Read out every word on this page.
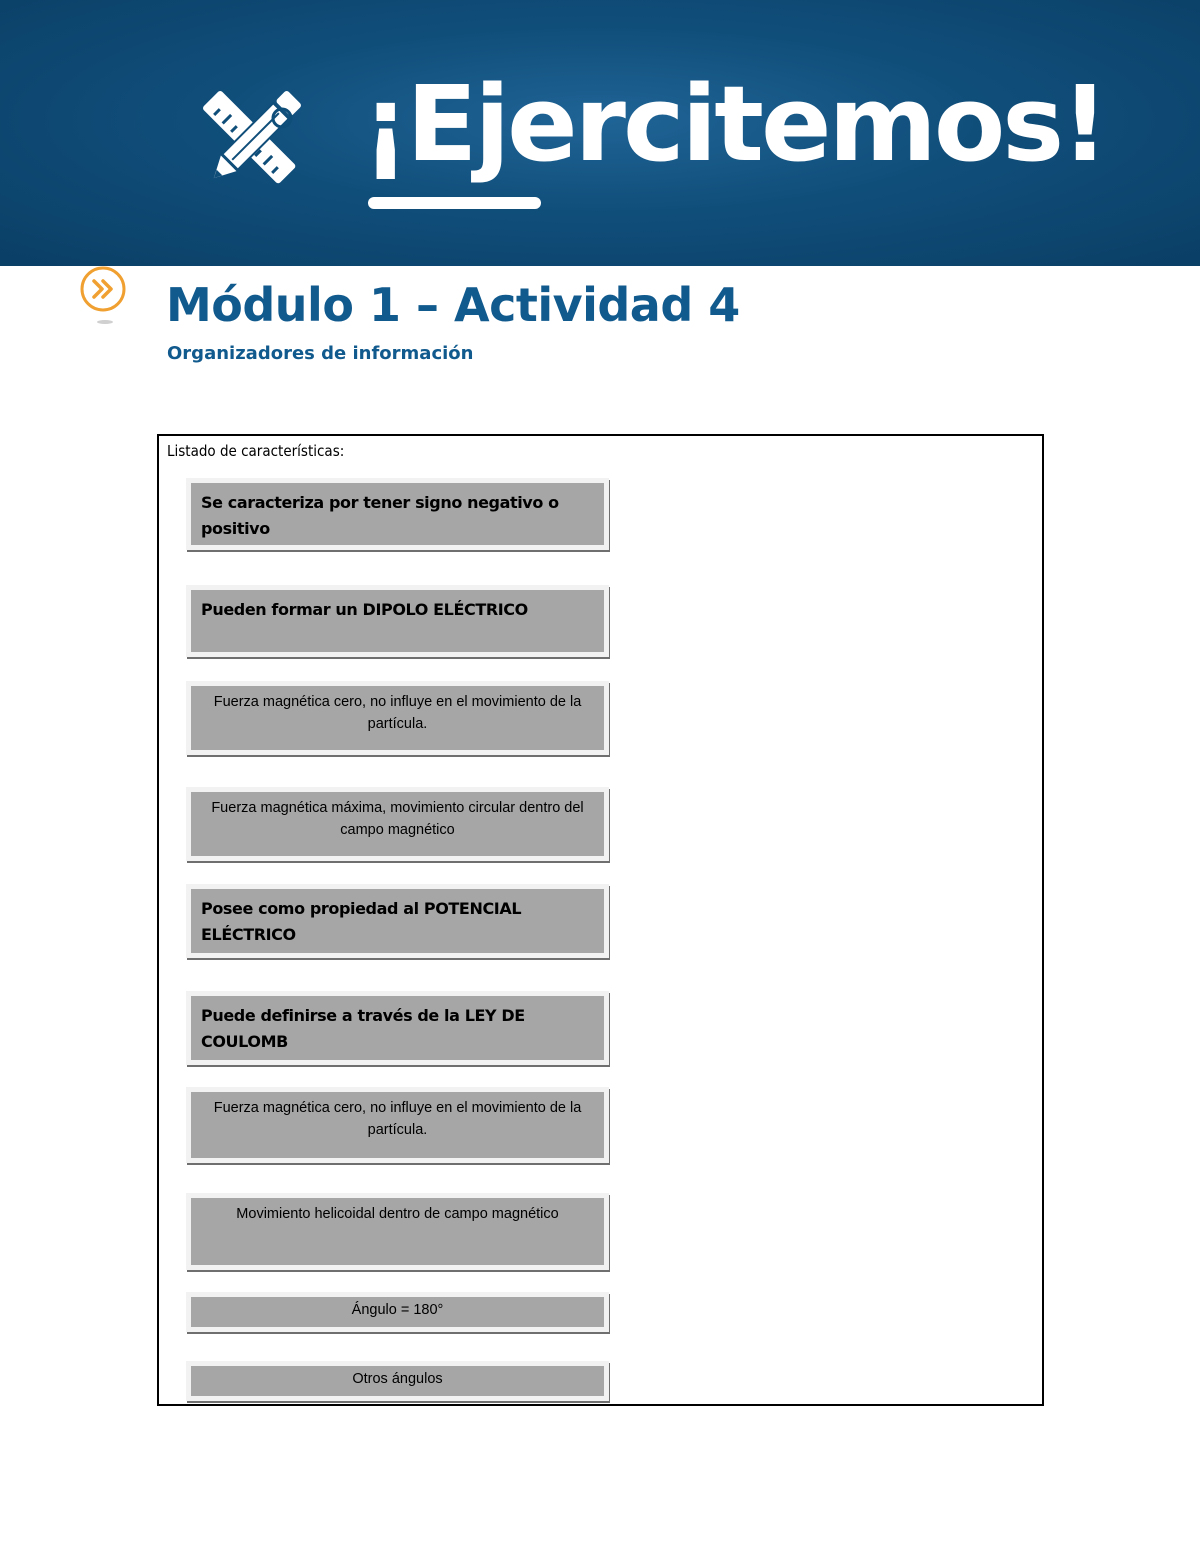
¡Ejercitemos!
Módulo 1 – Actividad 4
Organizadores de información

Listado de características:

Se caracteriza por tener signo negativo o positivo
Pueden formar un DIPOLO ELÉCTRICO
Fuerza magnética cero, no influye en el movimiento de la partícula.
Fuerza magnética máxima, movimiento circular dentro del campo magnético
Posee como propiedad al POTENCIAL ELÉCTRICO
Puede definirse a través de la LEY DE COULOMB
Fuerza magnética cero, no influye en el movimiento de la partícula.
Movimiento helicoidal dentro de campo magnético
Ángulo = 180°
Otros ángulos
